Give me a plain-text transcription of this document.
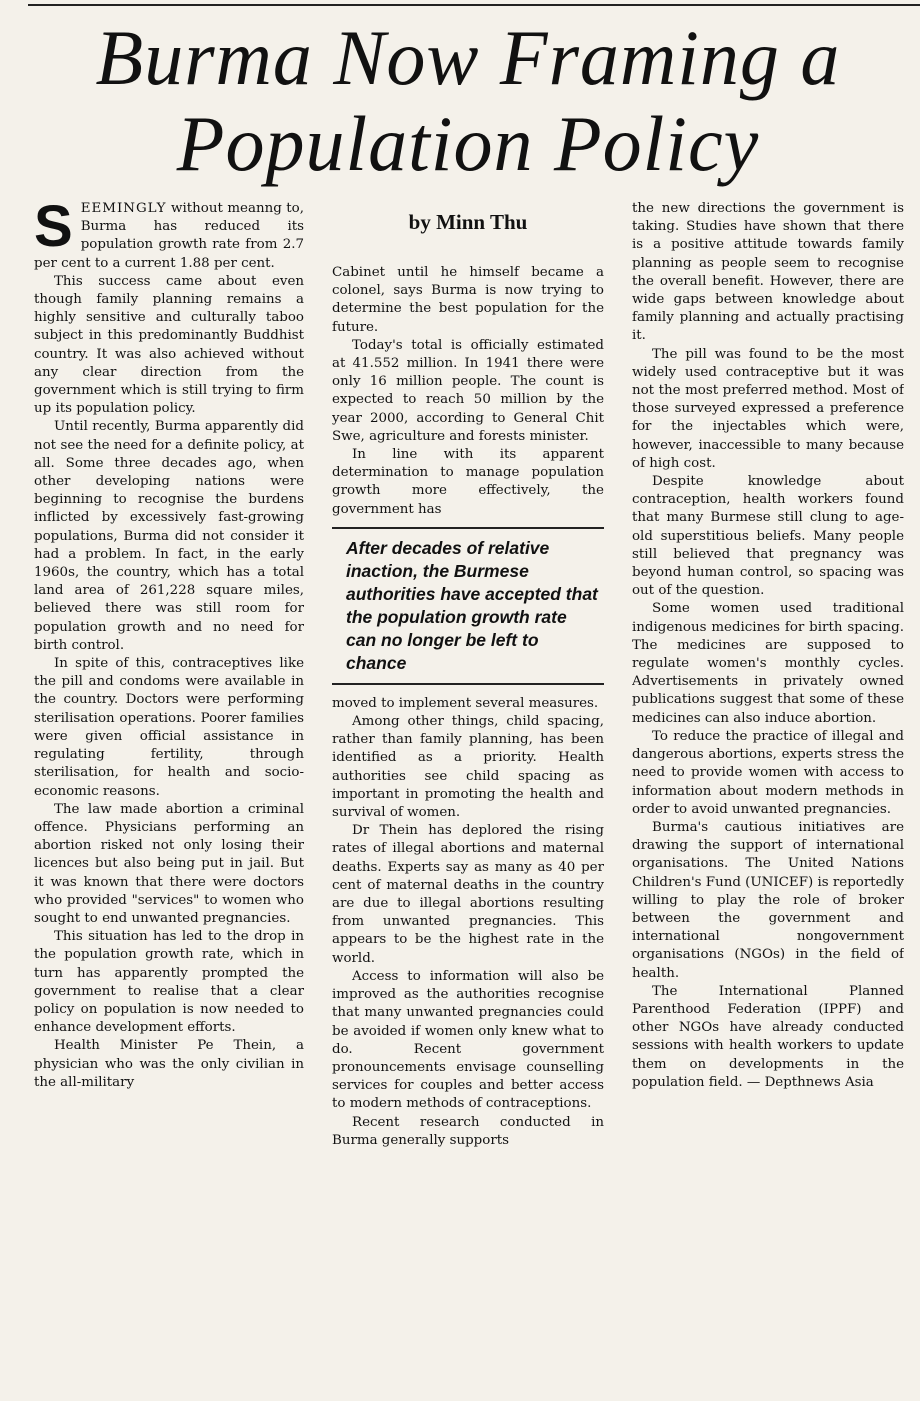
Burma Now Framing a
Population Policy

SEEMINGLY without meanng to, Burma has reduced its population growth rate from 2.7 per cent to a current 1.88 per cent.

This success came about even though family planning remains a highly sensitive and culturally taboo subject in this predominantly Buddhist country. It was also achieved without any clear direction from the government which is still trying to firm up its population policy.

Until recently, Burma apparently did not see the need for a definite policy, at all. Some three decades ago, when other developing nations were beginning to recognise the burdens inflicted by excessively fast-growing populations, Burma did not consider it had a problem. In fact, in the early 1960s, the country, which has a total land area of 261,228 square miles, believed there was still room for population growth and no need for birth control.

In spite of this, contraceptives like the pill and condoms were available in the country. Doctors were performing sterilisation operations. Poorer families were given official assistance in regulating fertility, through sterilisation, for health and socio-economic reasons.

The law made abortion a criminal offence. Physicians performing an abortion risked not only losing their licences but also being put in jail. But it was known that there were doctors who provided "services" to women who sought to end unwanted pregnancies.

This situation has led to the drop in the population growth rate, which in turn has apparently prompted the government to realise that a clear policy on population is now needed to enhance development efforts.

Health Minister Pe Thein, a physician who was the only civilian in the all-military

by Minn Thu

Cabinet until he himself became a colonel, says Burma is now trying to determine the best population for the future.

Today's total is officially estimated at 41.552 million. In 1941 there were only 16 million people. The count is expected to reach 50 million by the year 2000, according to General Chit Swe, agriculture and forests minister.

In line with its apparent determination to manage population growth more effectively, the government has

After decades of relative inaction, the Burmese authorities have accepted that the population growth rate can no longer be left to chance

moved to implement several measures.

Among other things, child spacing, rather than family planning, has been identified as a priority. Health authorities see child spacing as important in promoting the health and survival of women.

Dr Thein has deplored the rising rates of illegal abortions and maternal deaths. Experts say as many as 40 per cent of maternal deaths in the country are due to illegal abortions resulting from unwanted pregnancies. This appears to be the highest rate in the world.

Access to information will also be improved as the authorities recognise that many unwanted pregnancies could be avoided if women only knew what to do. Recent government pronouncements envisage counselling services for couples and better access to modern methods of contraceptions.

Recent research conducted in Burma generally supports

the new directions the government is taking. Studies have shown that there is a positive attitude towards family planning as people seem to recognise the overall benefit. However, there are wide gaps between knowledge about family planning and actually practising it.

The pill was found to be the most widely used contraceptive but it was not the most preferred method. Most of those surveyed expressed a preference for the injectables which were, however, inaccessible to many because of high cost.

Despite knowledge about contraception, health workers found that many Burmese still clung to age-old superstitious beliefs. Many people still believed that pregnancy was beyond human control, so spacing was out of the question.

Some women used traditional indigenous medicines for birth spacing. The medicines are supposed to regulate women's monthly cycles. Advertisements in privately owned publications suggest that some of these medicines can also induce abortion.

To reduce the practice of illegal and dangerous abortions, experts stress the need to provide women with access to information about modern methods in order to avoid unwanted pregnancies.

Burma's cautious initiatives are drawing the support of international organisations. The United Nations Children's Fund (UNICEF) is reportedly willing to play the role of broker between the government and international nongovernment organisations (NGOs) in the field of health.

The International Planned Parenthood Federation (IPPF) and other NGOs have already conducted sessions with health workers to update them on developments in the population field. — Depthnews Asia
